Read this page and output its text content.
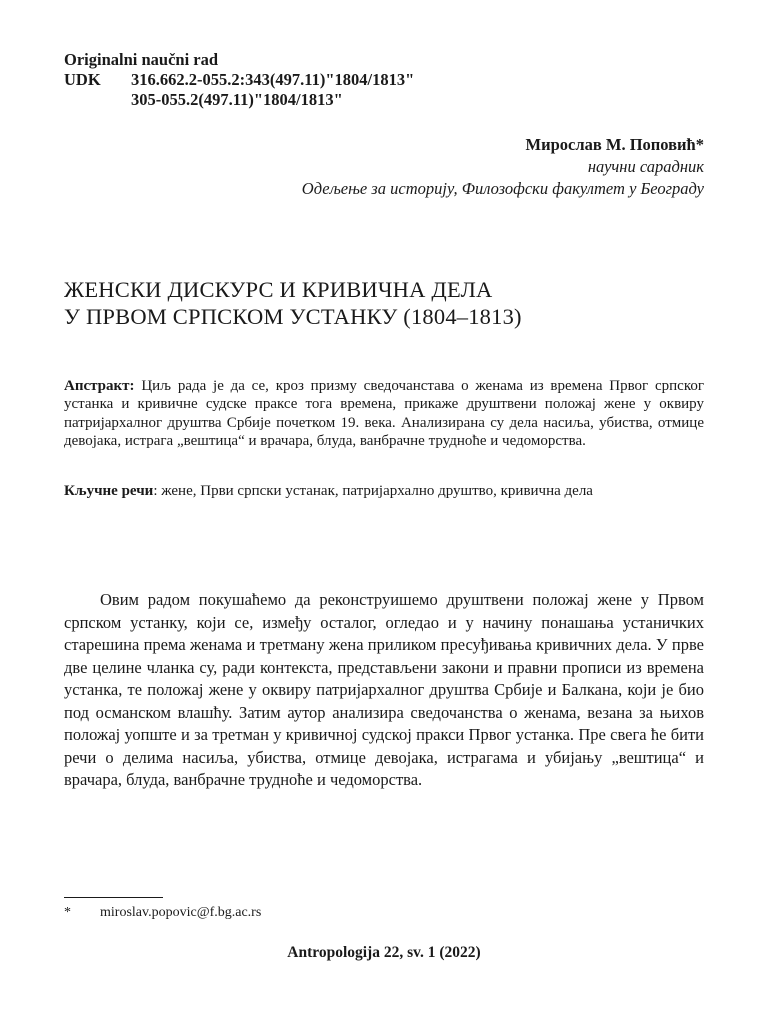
Originalni naučni rad
UDK	316.662.2-055.2:343(497.11)"1804/1813"
305-055.2(497.11)"1804/1813"
Мирослав М. Поповић*
научни сарадник
Одељење за историју, Филозофски факултет у Београду
ЖЕНСКИ ДИСКУРС И КРИВИЧНА ДЕЛА
У ПРВОМ СРПСКОМ УСТАНКУ (1804–1813)
Апстракт: Циљ рада је да се, кроз призму сведочанстава о женама из времена Првог српског устанка и кривичне судске праксе тога времена, прикаже друштвени положај жене у оквиру патријархалног друштва Србије почетком 19. века. Анализирана су дела насиља, убиства, отмице девојака, истрага „вештица“ и врачара, блуда, ванбрачне трудноће и чедоморства.
Кључне речи: жене, Први српски устанак, патријархално друштво, кривична дела

Овим радом покушаћемо да реконструишемо друштвени положај жене у Првом српском устанку, који се, између осталог, огледао и у начину понашања устаничких старешина према женама и третману жена приликом пресуђивања кривичних дела. У прве две целине чланка су, ради контекста, представљени закони и правни прописи из времена устанка, те положај жене у оквиру патријархалног друштва Србије и Балкана, који је био под османском влашћу. Затим аутор анализира сведочанства о женама, везана за њихов положај уопште и за третман у кривичној судској пракси Првог устанка. Пре свега ће бити речи о делима насиља, убиства, отмице девојака, истрагама и убијању „вештица“ и врачара, блуда, ванбрачне трудноће и чедоморства.

*	miroslav.popovic@f.bg.ac.rs
Antropologija 22, sv. 1 (2022)
